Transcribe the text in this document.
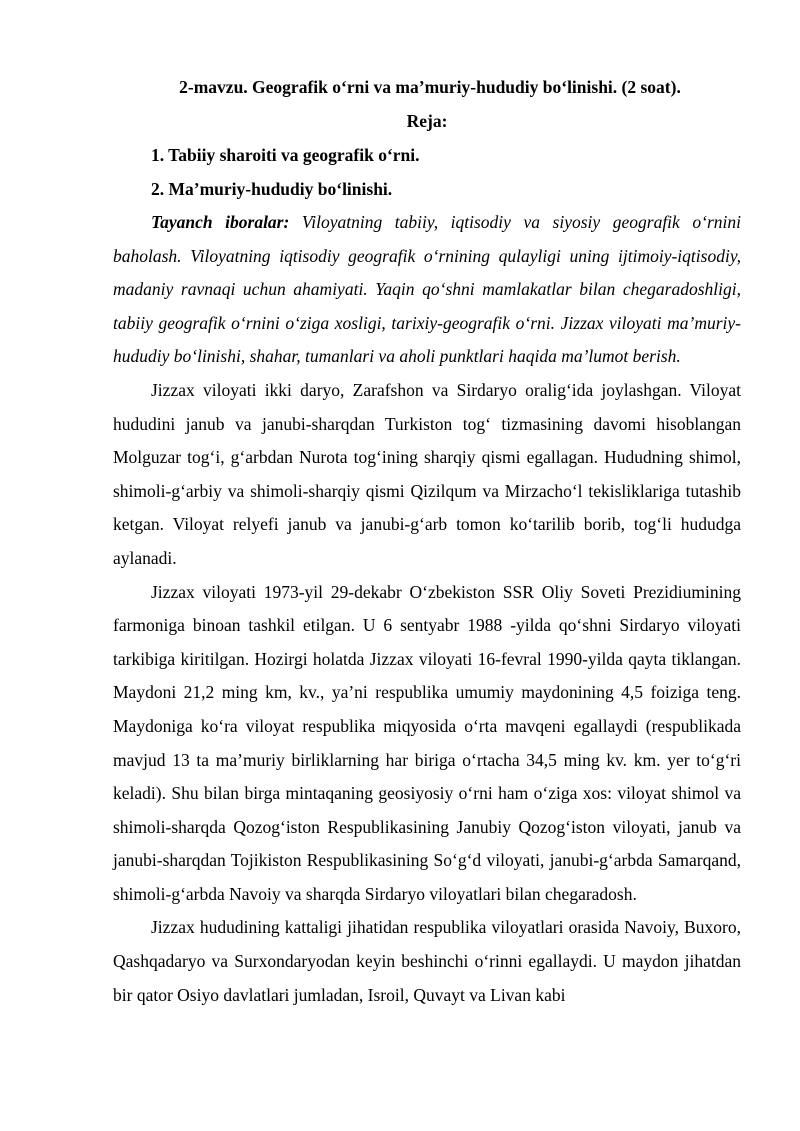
2-mavzu. Geografik o‘rni va ma’muriy-hududiy bo‘linishi. (2 soat).

Reja:

1. Tabiiy sharoiti va geografik o‘rni.

2. Ma’muriy-hududiy bo‘linishi.

Tayanch iboralar: Viloyatning tabiiy, iqtisodiy va siyosiy geografik o‘rnini baholash. Viloyatning iqtisodiy geografik o‘rnining qulayligi uning ijtimoiy-iqtisodiy, madaniy ravnaqi uchun ahamiyati. Yaqin qo‘shni mamlakatlar bilan chegaradoshligi, tabiiy geografik o‘rnini o‘ziga xosligi, tarixiy-geografik o‘rni. Jizzax viloyati ma’muriy-hududiy bo‘linishi, shahar, tumanlari va aholi punktlari haqida ma’lumot berish.

Jizzax viloyati ikki daryo, Zarafshon va Sirdaryo oralig‘ida joylashgan. Viloyat hududini janub va janubi-sharqdan Turkiston tog‘ tizmasining davomi hisoblangan Molguzar tog‘i, g‘arbdan Nurota tog‘ining sharqiy qismi egallagan. Hududning shimol, shimoli-g‘arbiy va shimoli-sharqiy qismi Qizilqum va Mirzacho‘l tekisliklariga tutashib ketgan. Viloyat relyefi janub va janubi-g‘arb tomon ko‘tarilib borib, tog‘li hududga aylanadi.

Jizzax viloyati 1973-yil 29-dekabr O‘zbekiston SSR Oliy Soveti Prezidiumining farmoniga binoan tashkil etilgan. U 6 sentyabr 1988 -yilda qo‘shni Sirdaryo viloyati tarkibiga kiritilgan. Hozirgi holatda Jizzax viloyati 16-fevral 1990-yilda qayta tiklangan. Maydoni 21,2 ming km, kv., ya’ni respublika umumiy maydonining 4,5 foiziga teng. Maydoniga ko‘ra viloyat respublika miqyosida o‘rta mavqeni egallaydi (respublikada mavjud 13 ta ma’muriy birliklarning har biriga o‘rtacha 34,5 ming kv. km. yer to‘g‘ri keladi). Shu bilan birga mintaqaning geosiyosiy o‘rni ham o‘ziga xos: viloyat shimol va shimoli-sharqda Qozog‘iston Respublikasining Janubiy Qozog‘iston viloyati, janub va janubi-sharqdan Tojikiston Respublikasining So‘g‘d viloyati, janubi-g‘arbda Samarqand, shimoli-g‘arbda Navoiy va sharqda Sirdaryo viloyatlari bilan chegaradosh.

Jizzax hududining kattaligi jihatidan respublika viloyatlari orasida Navoiy, Buxoro, Qashqadaryo va Surxondaryodan keyin beshinchi o‘rinni egallaydi. U maydon jihatdan bir qator Osiyo davlatlari jumladan, Isroil, Quvayt va Livan kabi
